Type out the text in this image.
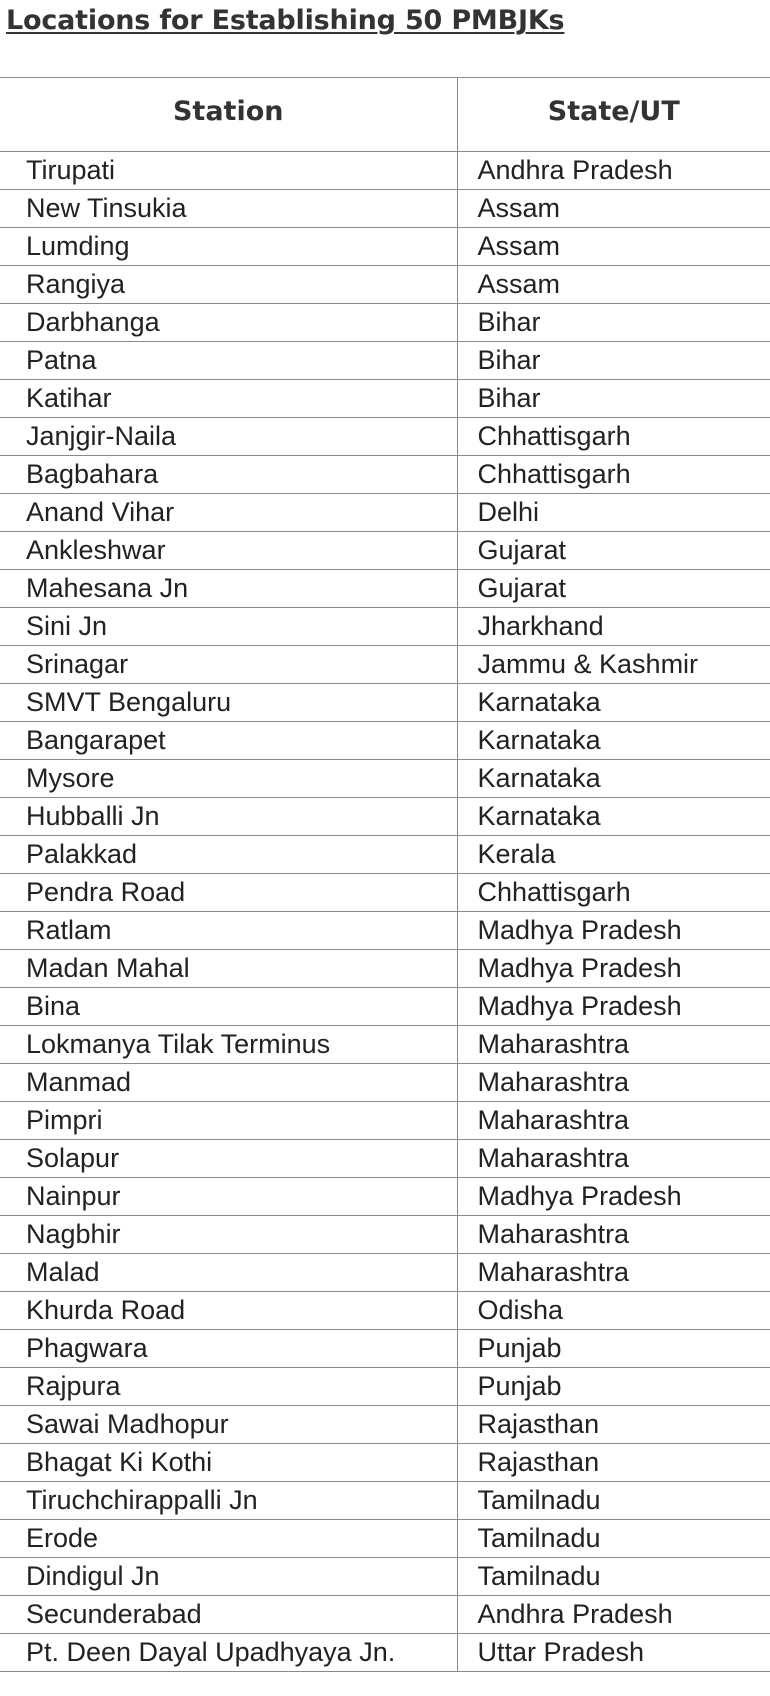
Locations for Establishing 50 PMBJKs
Station	State/UT
Tirupati	Andhra Pradesh
New Tinsukia	Assam
Lumding	Assam
Rangiya	Assam
Darbhanga	Bihar
Patna	Bihar
Katihar	Bihar
Janjgir-Naila	Chhattisgarh
Bagbahara	Chhattisgarh
Anand Vihar	Delhi
Ankleshwar	Gujarat
Mahesana Jn	Gujarat
Sini Jn	Jharkhand
Srinagar	Jammu & Kashmir
SMVT Bengaluru	Karnataka
Bangarapet	Karnataka
Mysore	Karnataka
Hubballi Jn	Karnataka
Palakkad	Kerala
Pendra Road	Chhattisgarh
Ratlam	Madhya Pradesh
Madan Mahal	Madhya Pradesh
Bina	Madhya Pradesh
Lokmanya Tilak Terminus	Maharashtra
Manmad	Maharashtra
Pimpri	Maharashtra
Solapur	Maharashtra
Nainpur	Madhya Pradesh
Nagbhir	Maharashtra
Malad	Maharashtra
Khurda Road	Odisha
Phagwara	Punjab
Rajpura	Punjab
Sawai Madhopur	Rajasthan
Bhagat Ki Kothi	Rajasthan
Tiruchchirappalli Jn	Tamilnadu
Erode	Tamilnadu
Dindigul Jn	Tamilnadu
Secunderabad	Andhra Pradesh
Pt. Deen Dayal Upadhyaya Jn.	Uttar Pradesh
